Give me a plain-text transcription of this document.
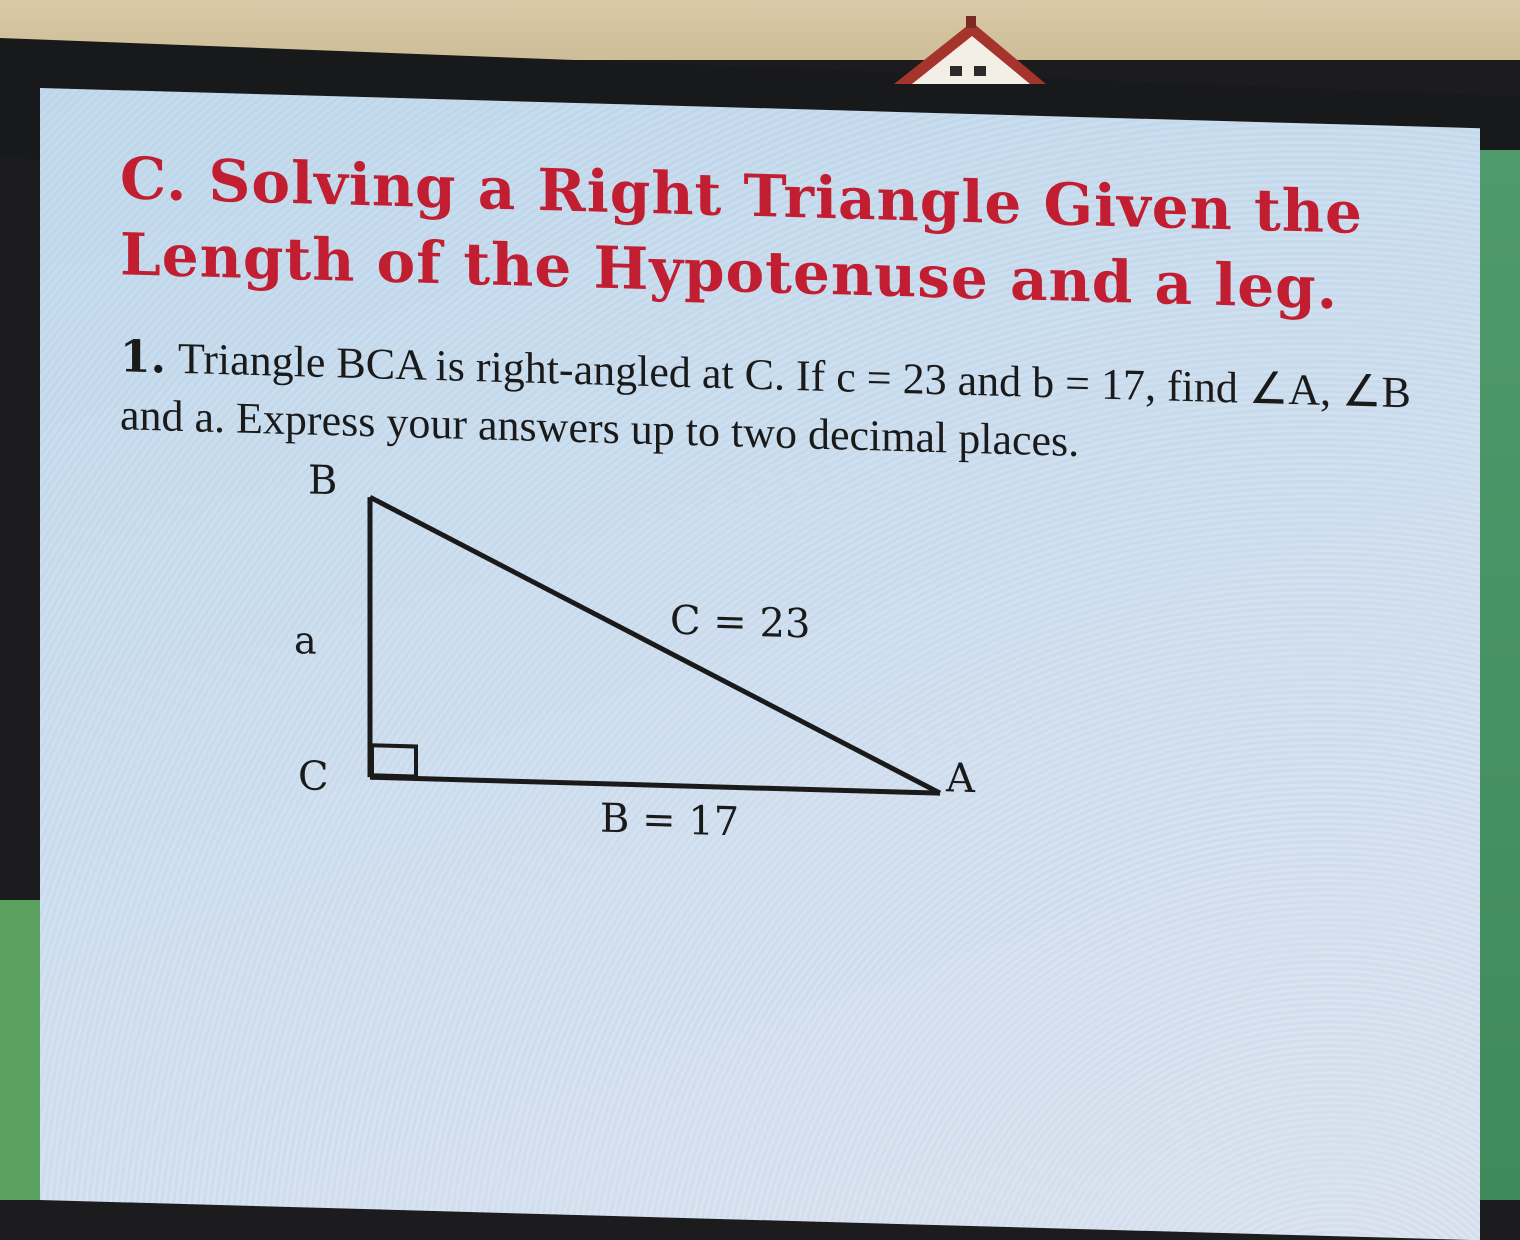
C. Solving a Right Triangle Given the Length of the Hypotenuse and a leg.

1. Triangle BCA is right-angled at C. If c = 23 and b = 17, find ∠A, ∠B and a. Express your answers up to two decimal places.

B
a
C	A
C = 23
B = 17
